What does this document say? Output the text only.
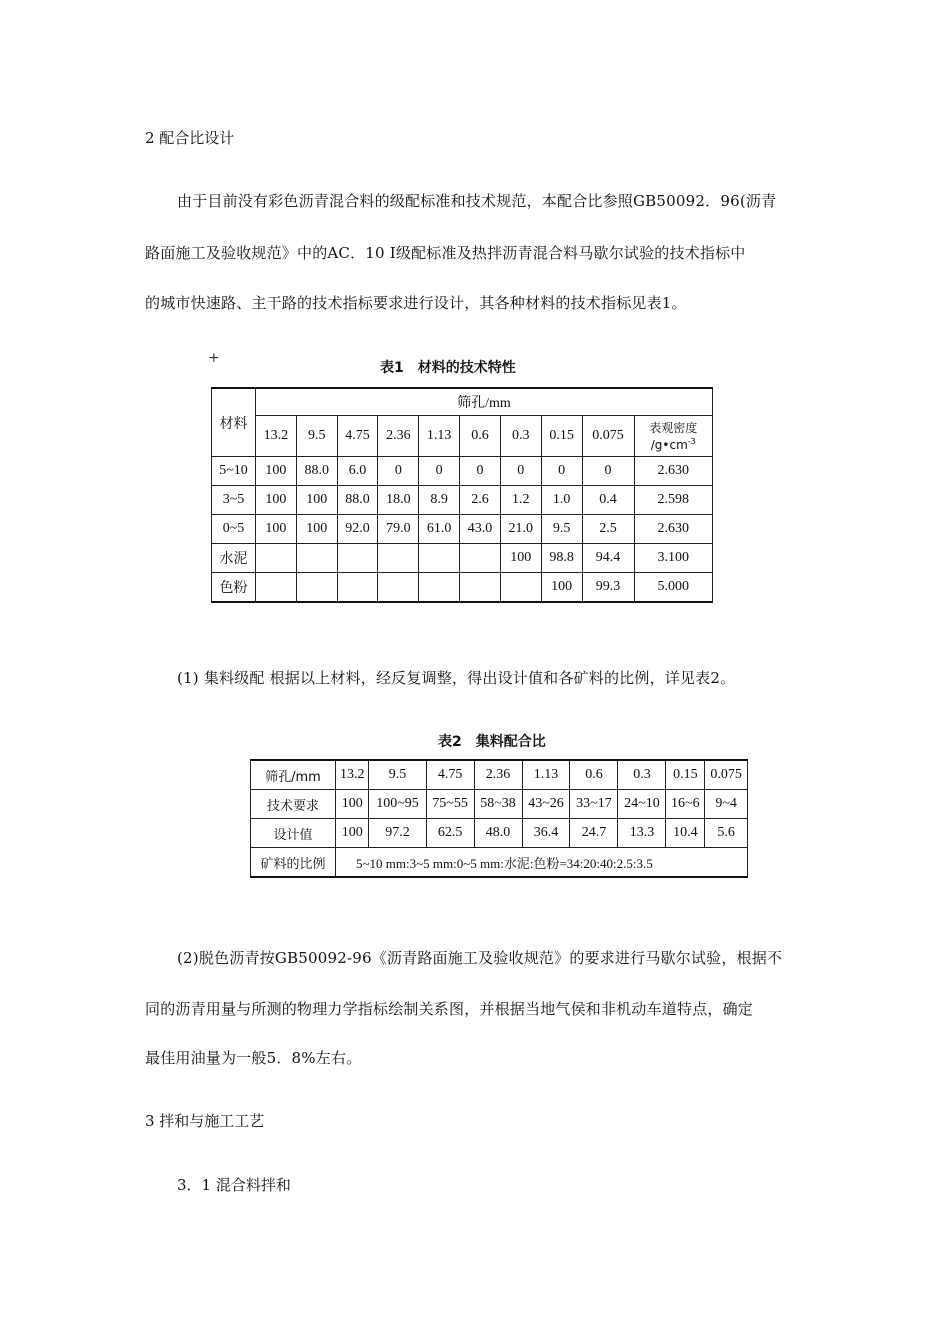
2 配合比设计
由于目前没有彩色沥青混合料的级配标准和技术规范，本配合比参照GB50092．96(沥青
路面施工及验收规范》中的AC．10 I级配标准及热拌沥青混合料马歇尔试验的技术指标中
的城市快速路、主干路的技术指标要求进行设计，其各种材料的技术指标见表1。
+
表1　材料的技术特性
材料	筛孔/mm									
	13.2	9.5	4.75	2.36	1.13	0.6	0.3	0.15	0.075	表观密度
$/g•cm^{-3}$
5~10	100	88.0	6.0	0	0	0	0	0	0	2.630
3~5	100	100	88.0	18.0	8.9	2.6	1.2	1.0	0.4	2.598
0~5	100	100	92.0	79.0	61.0	43.0	21.0	9.5	2.5	2.630
水泥							100	98.8	94.4	3.100
色粉								100	99.3	5.000
(1) 集料级配 根据以上材料，经反复调整，得出设计值和各矿料的比例，详见表2。
表2　集料配合比
筛孔/mm	13.2	9.5	4.75	2.36	1.13	0.6	0.3	0.15	0.075
技术要求	100	100~95	75~55	58~38	43~26	33~17	24~10	16~6	9~4
设计值	100	97.2	62.5	48.0	36.4	24.7	13.3	10.4	5.6
矿料的比例	5~10 mm:3~5 mm:0~5 mm:水泥:色粉=34:20:40:2.5:3.5								
(2)脱色沥青按GB50092-96《沥青路面施工及验收规范》的要求进行马歇尔试验，根据不
同的沥青用量与所测的物理力学指标绘制关系图，并根据当地气侯和非机动车道特点，确定
最佳用油量为一般5．8%左右。
3 拌和与施工工艺
3．1 混合料拌和
